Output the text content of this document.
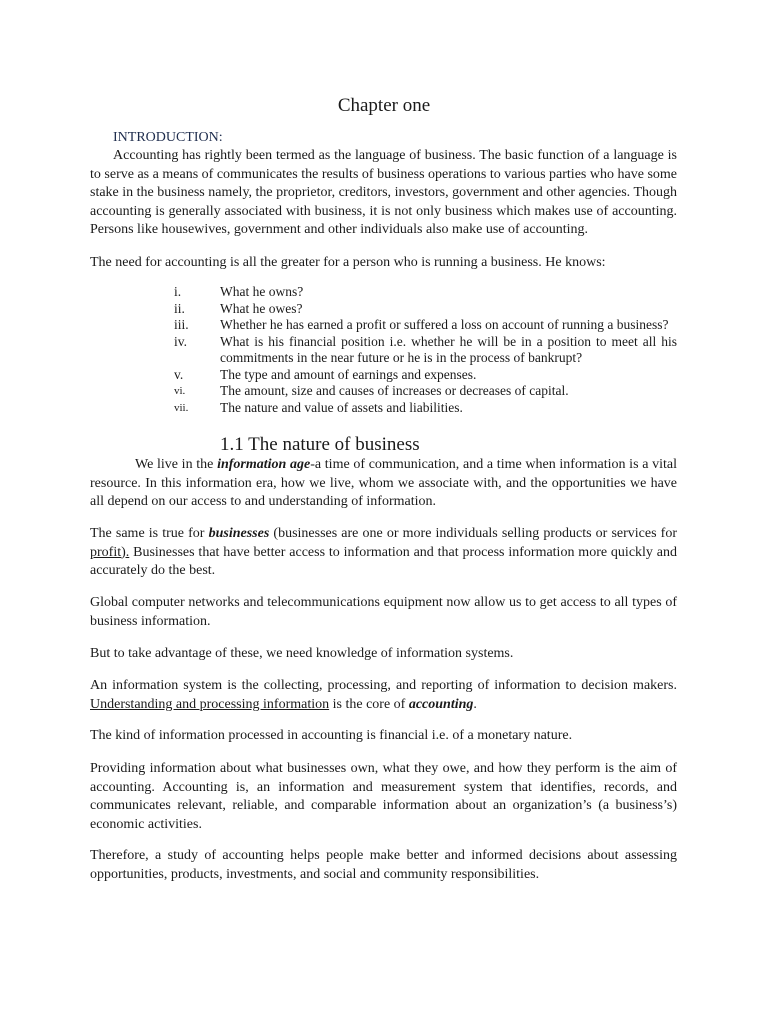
Chapter one
INTRODUCTION:
Accounting has rightly been termed as the language of business. The basic function of a language is to serve as a means of communicates the results of business operations to various parties who have some stake in the business namely, the proprietor, creditors, investors, government and other agencies. Though accounting is generally associated with business, it is not only business which makes use of accounting. Persons like housewives, government and other individuals also make use of accounting.
The need for accounting is all the greater for a person who is running a business. He knows:
i.	What he owns?
ii.	What he owes?
iii.	Whether he has earned a profit or suffered a loss on account of running a business?
iv.	What is his financial position i.e. whether he will be in a position to meet all his commitments in the near future or he is in the process of bankrupt?
v.	The type and amount of earnings and expenses.
vi.	The amount, size and causes of increases or decreases of capital.
vii.	The nature and value of assets and liabilities.
1.1 The nature of business
We live in the information age-a time of communication, and a time when information is a vital resource. In this information era, how we live, whom we associate with, and the opportunities we have all depend on our access to and understanding of information.
The same is true for businesses (businesses are one or more individuals selling products or services for profit). Businesses that have better access to information and that process information more quickly and accurately do the best.
Global computer networks and telecommunications equipment now allow us to get access to all types of business information.
But to take advantage of these, we need knowledge of information systems.
An information system is the collecting, processing, and reporting of information to decision makers. Understanding and processing information is the core of accounting.
The kind of information processed in accounting is financial i.e. of a monetary nature.
Providing information about what businesses own, what they owe, and how they perform is the aim of accounting. Accounting is, an information and measurement system that identifies, records, and communicates relevant, reliable, and comparable information about an organization’s (a business’s) economic activities.
Therefore, a study of accounting helps people make better and informed decisions about assessing opportunities, products, investments, and social and community responsibilities.
